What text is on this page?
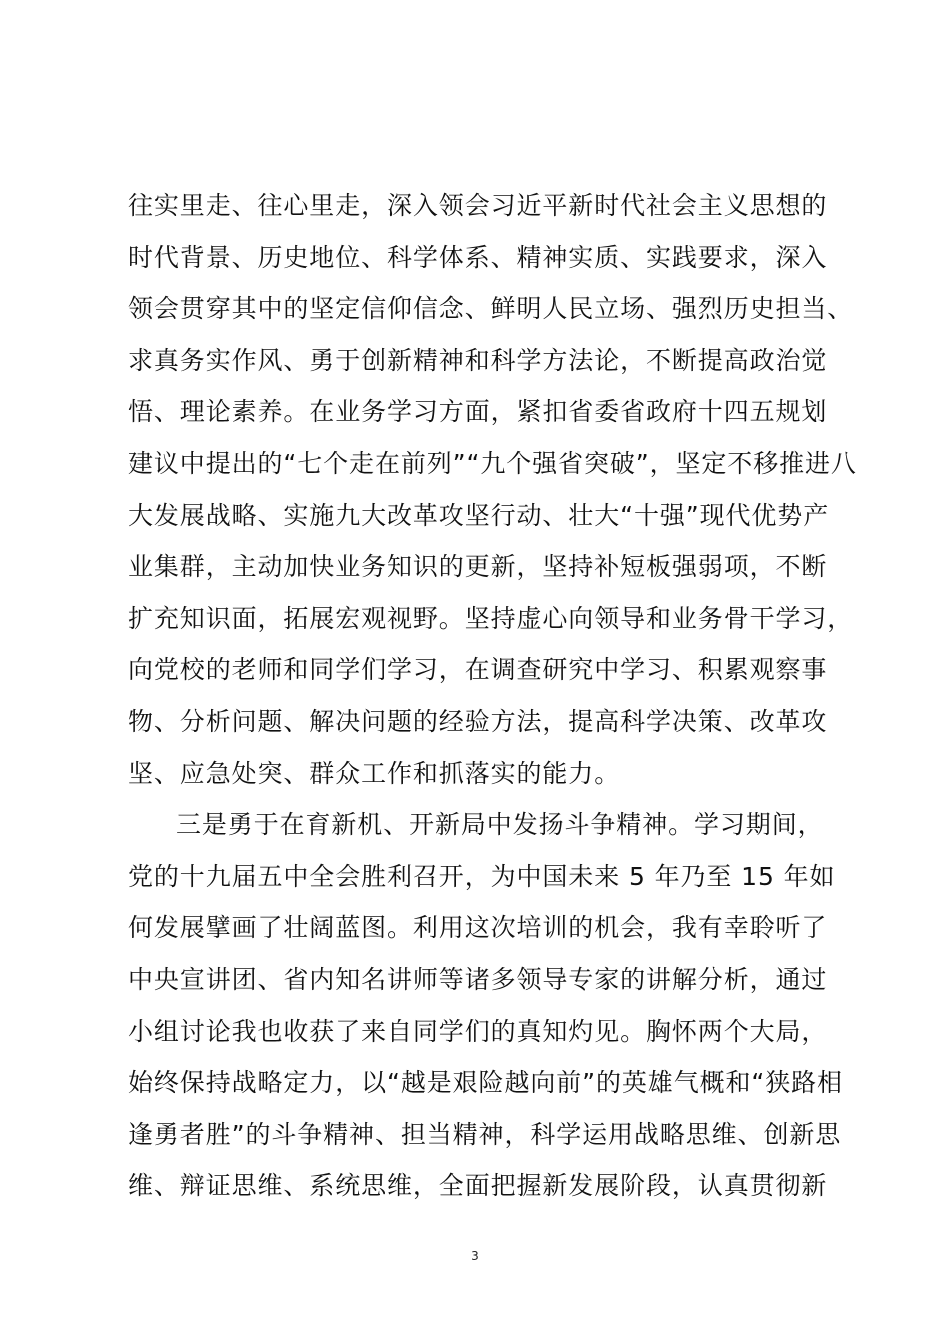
往实里走、往心里走，深入领会习近平新时代社会主义思想的
时代背景、历史地位、科学体系、精神实质、实践要求，深入
领会贯穿其中的坚定信仰信念、鲜明人民立场、强烈历史担当、
求真务实作风、勇于创新精神和科学方法论，不断提高政治觉
悟、理论素养。在业务学习方面，紧扣省委省政府十四五规划
建议中提出的“七个走在前列”“九个强省突破”，坚定不移推进八
大发展战略、实施九大改革攻坚行动、壮大“十强”现代优势产
业集群，主动加快业务知识的更新，坚持补短板强弱项，不断
扩充知识面，拓展宏观视野。坚持虚心向领导和业务骨干学习，
向党校的老师和同学们学习，在调查研究中学习、积累观察事
物、分析问题、解决问题的经验方法，提高科学决策、改革攻
坚、应急处突、群众工作和抓落实的能力。
三是勇于在育新机、开新局中发扬斗争精神。学习期间，
党的十九届五中全会胜利召开，为中国未来 5 年乃至 15 年如
何发展擘画了壮阔蓝图。利用这次培训的机会，我有幸聆听了
中央宣讲团、省内知名讲师等诸多领导专家的讲解分析，通过
小组讨论我也收获了来自同学们的真知灼见。胸怀两个大局，
始终保持战略定力，以“越是艰险越向前”的英雄气概和“狭路相
逢勇者胜”的斗争精神、担当精神，科学运用战略思维、创新思
维、辩证思维、系统思维，全面把握新发展阶段，认真贯彻新
3
